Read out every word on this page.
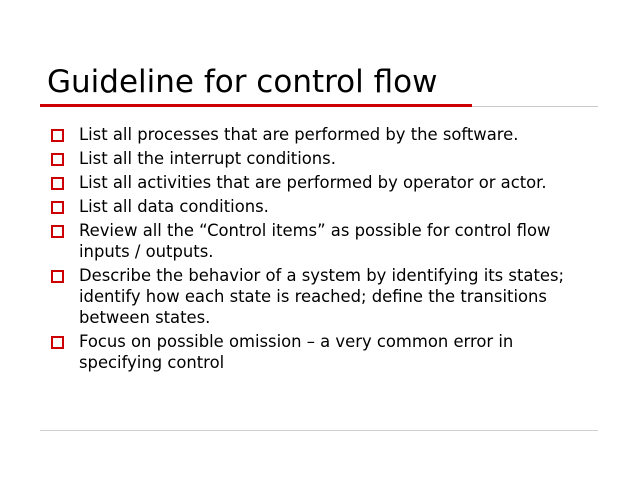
Guideline for control flow
List all processes that are performed by the software.
List all the interrupt conditions.
List all activities that are performed by operator or actor.
List all data conditions.
Review all the “Control items” as possible for control flow inputs / outputs.
Describe the behavior of a system by identifying its states; identify how each state is reached; define the transitions between states.
Focus on possible omission – a very common error in specifying control
